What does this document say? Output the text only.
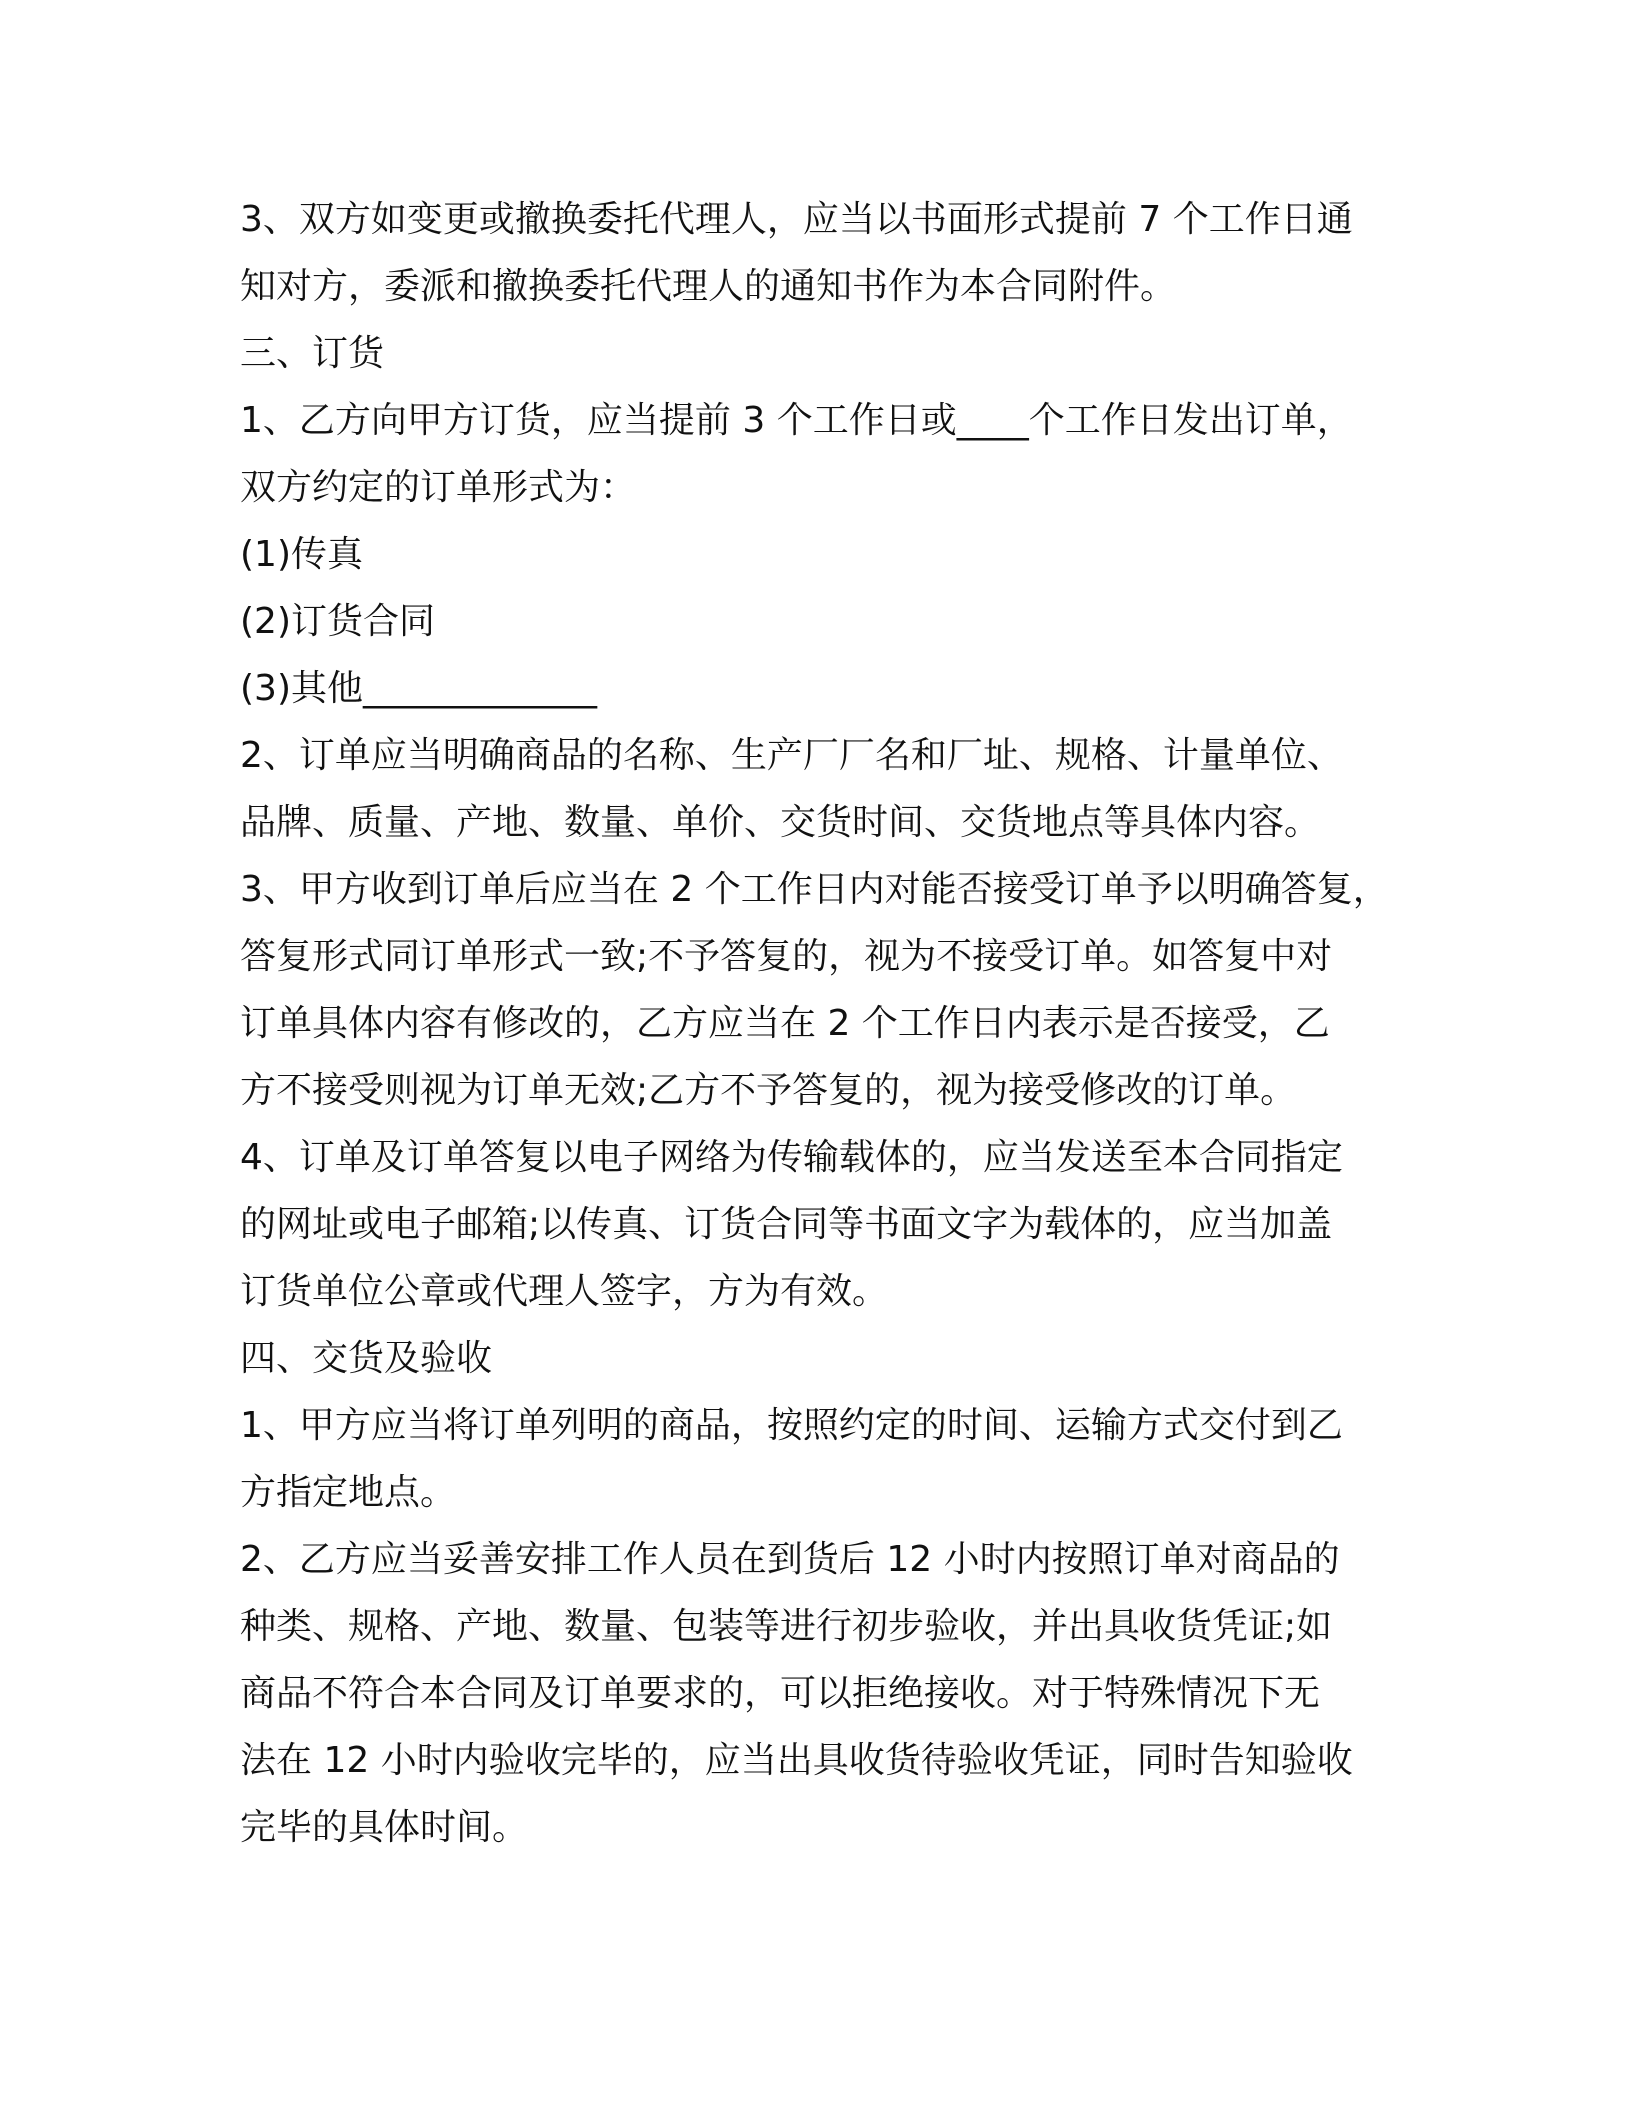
3、双方如变更或撤换委托代理人，应当以书面形式提前 7 个工作日通
知对方，委派和撤换委托代理人的通知书作为本合同附件。
三、订货
1、乙方向甲方订货，应当提前 3 个工作日或____个工作日发出订单，
双方约定的订单形式为：
(1)传真
(2)订货合同
(3)其他_____________
2、订单应当明确商品的名称、生产厂厂名和厂址、规格、计量单位、
品牌、质量、产地、数量、单价、交货时间、交货地点等具体内容。
3、甲方收到订单后应当在 2 个工作日内对能否接受订单予以明确答复，
答复形式同订单形式一致;不予答复的，视为不接受订单。如答复中对
订单具体内容有修改的，乙方应当在 2 个工作日内表示是否接受，乙
方不接受则视为订单无效;乙方不予答复的，视为接受修改的订单。
4、订单及订单答复以电子网络为传输载体的，应当发送至本合同指定
的网址或电子邮箱;以传真、订货合同等书面文字为载体的，应当加盖
订货单位公章或代理人签字，方为有效。
四、交货及验收
1、甲方应当将订单列明的商品，按照约定的时间、运输方式交付到乙
方指定地点。
2、乙方应当妥善安排工作人员在到货后 12 小时内按照订单对商品的
种类、规格、产地、数量、包装等进行初步验收，并出具收货凭证;如
商品不符合本合同及订单要求的，可以拒绝接收。对于特殊情况下无
法在 12 小时内验收完毕的，应当出具收货待验收凭证，同时告知验收
完毕的具体时间。
